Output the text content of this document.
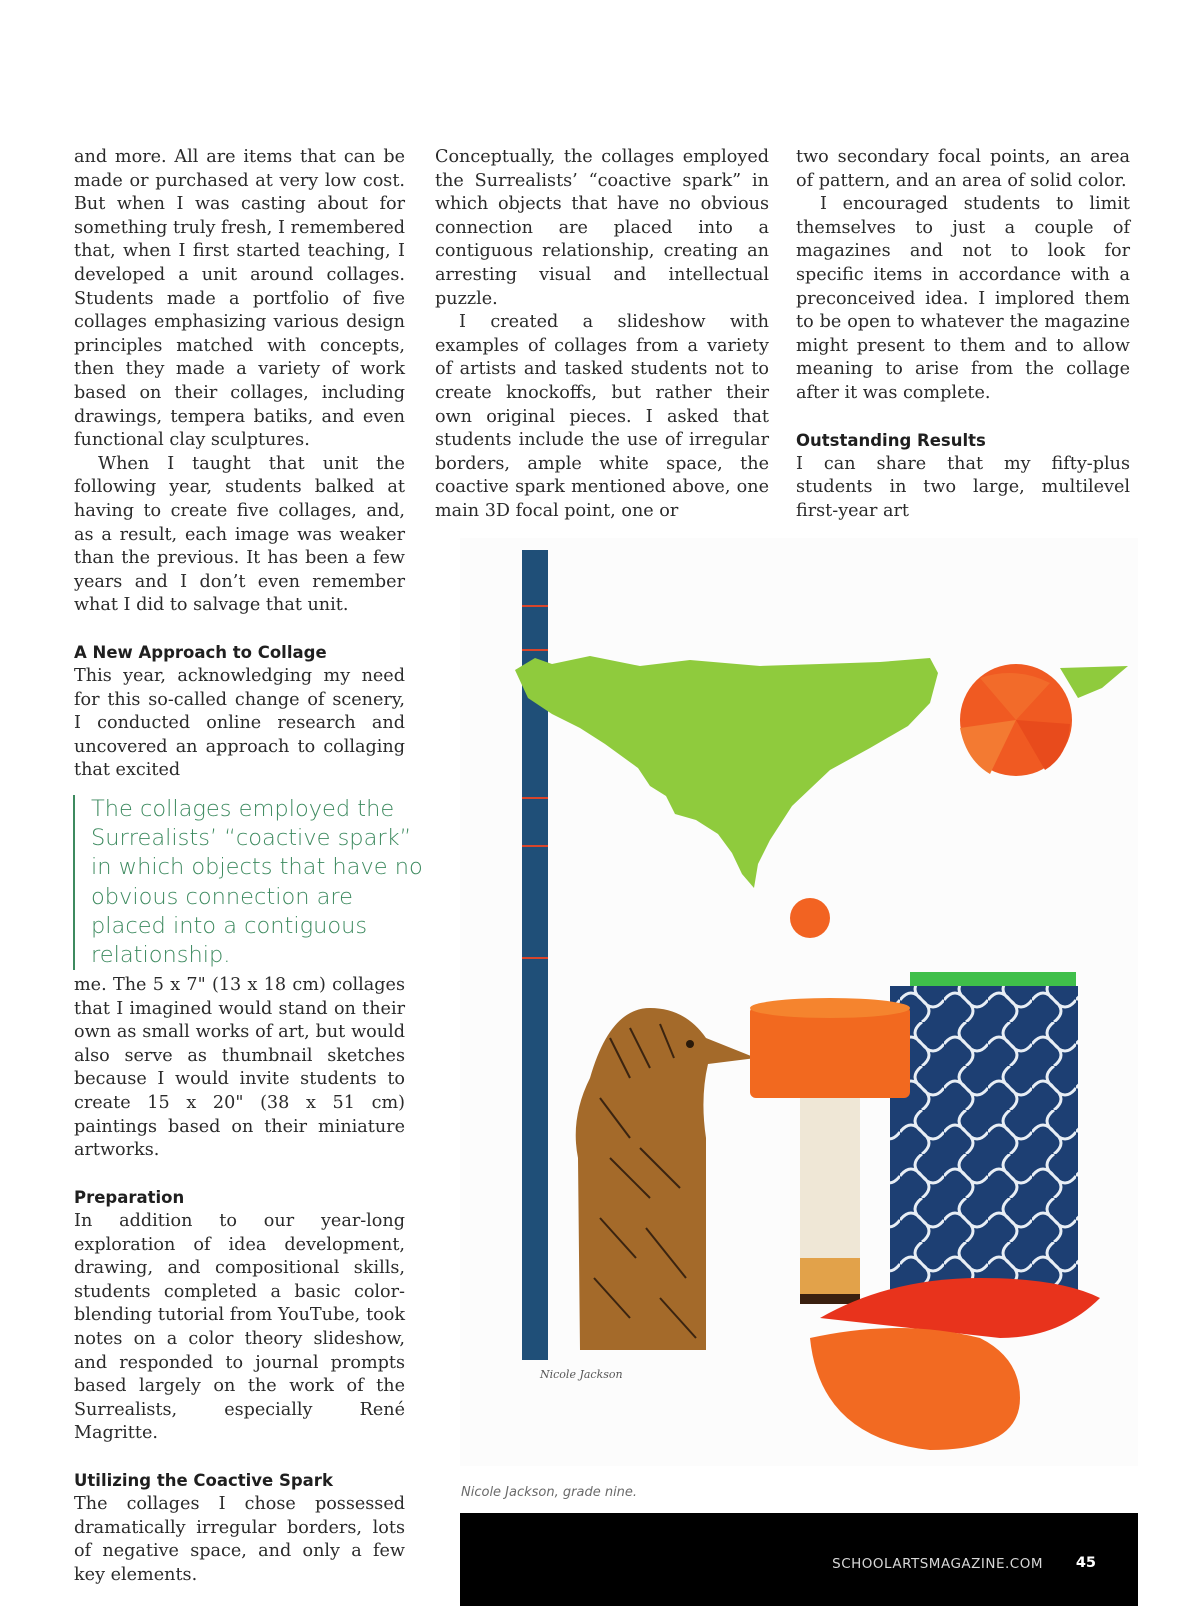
and more. All are items that can be made or purchased at very low cost. But when I was casting about for something truly fresh, I remembered that, when I first started teaching, I developed a unit around collages. Students made a portfolio of five collages emphasizing various design principles matched with concepts, then they made a variety of work based on their collages, including drawings, tempera batiks, and even functional clay sculptures.

When I taught that unit the following year, students balked at having to create five collages, and, as a result, each image was weaker than the previous. It has been a few years and I don’t even remember what I did to salvage that unit.

A New Approach to Collage

This year, acknowledging my need for this so-called change of scenery, I conducted online research and uncovered an approach to collaging that excited

The collages employed the Surrealists’ “coactive spark” in which objects that have no obvious connection are placed into a contiguous relationship.

me. The 5 x 7" (13 x 18 cm) collages that I imagined would stand on their own as small works of art, but would also serve as thumbnail sketches because I would invite students to create 15 x 20" (38 x 51 cm) paintings based on their miniature artworks.

Preparation

In addition to our year-long exploration of idea development, drawing, and compositional skills, students completed a basic color-blending tutorial from YouTube, took notes on a color theory slideshow, and responded to journal prompts based largely on the work of the Surrealists, especially René Magritte.

Utilizing the Coactive Spark

The collages I chose possessed dramatically irregular borders, lots of negative space, and only a few key elements.

Conceptually, the collages employed the Surrealists’ “coactive spark” in which objects that have no obvious connection are placed into a contiguous relationship, creating an arresting visual and intellectual puzzle.

I created a slideshow with examples of collages from a variety of artists and tasked students not to create knockoffs, but rather their own original pieces. I asked that students include the use of irregular borders, ample white space, the coactive spark mentioned above, one main 3D focal point, one or

two secondary focal points, an area of pattern, and an area of solid color.

I encouraged students to limit themselves to just a couple of magazines and not to look for specific items in accordance with a preconceived idea. I implored them to be open to whatever the magazine might present to them and to allow meaning to arise from the collage after it was complete.

Outstanding Results

I can share that my fifty-plus students in two large, multilevel first-year art

Nicole Jackson
Nicole Jackson, grade nine.
SCHOOLARTSMAGAZINE.COM 45
